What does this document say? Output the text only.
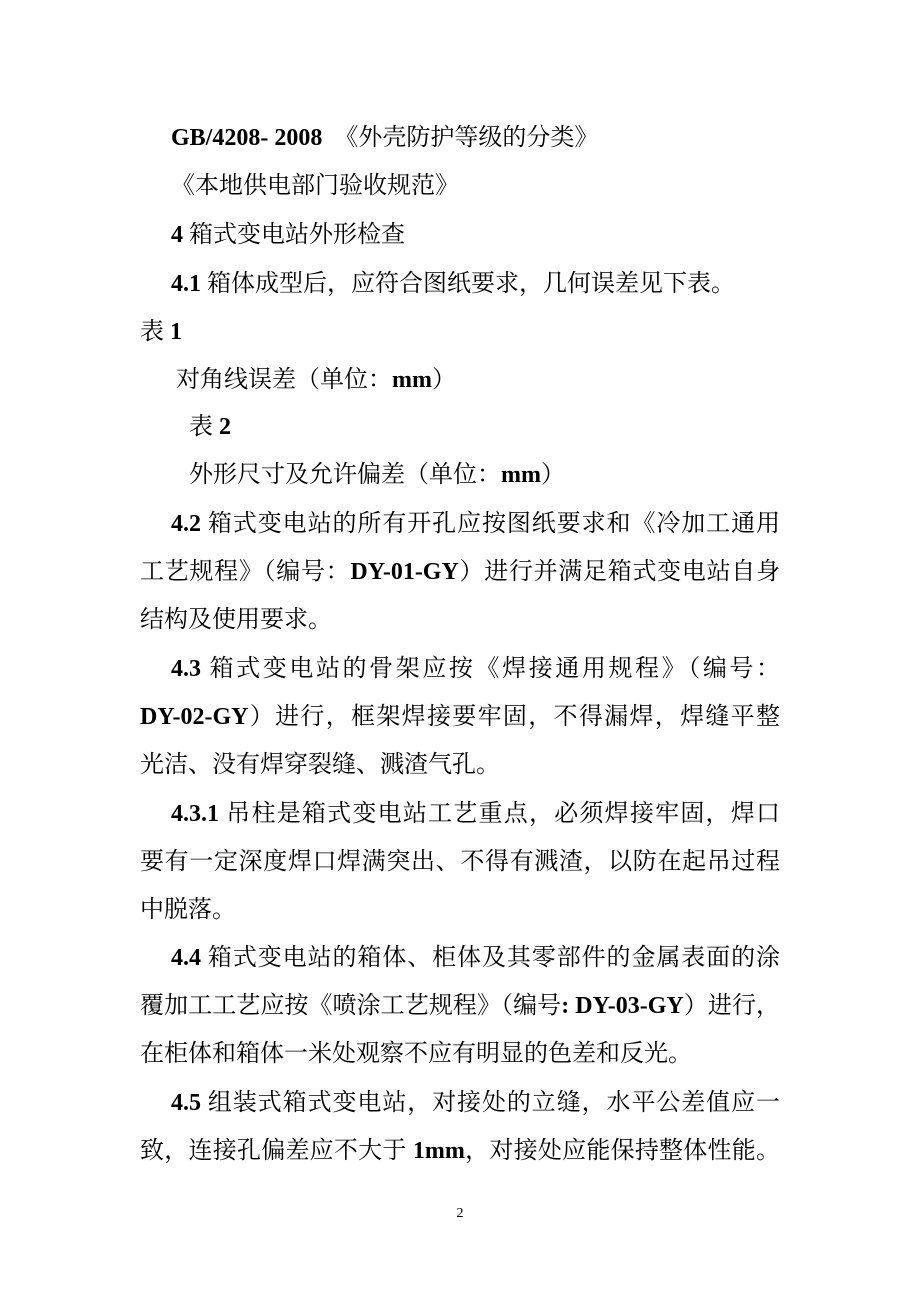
GB/4208- 2008　《外壳防护等级的分类》
《本地供电部门验收规范》
4 箱式变电站外形检查
4.1 箱体成型后，应符合图纸要求，几何误差见下表。
表 1
对角线误差（单位：mm）
表 2
外形尺寸及允许偏差（单位：mm）
4.2 箱式变电站的所有开孔应按图纸要求和《冷加工通用
工艺规程》（编号：DY-01-GY）进行并满足箱式变电站自身
结构及使用要求。
4.3 箱式变电站的骨架应按《焊接通用规程》（编号：
DY-02-GY）进行，框架焊接要牢固，不得漏焊，焊缝平整
光洁、没有焊穿裂缝、溅渣气孔。
4.3.1 吊柱是箱式变电站工艺重点，必须焊接牢固，焊口
要有一定深度焊口焊满突出、不得有溅渣，以防在起吊过程
中脱落。
4.4 箱式变电站的箱体、柜体及其零部件的金属表面的涂
覆加工工艺应按《喷涂工艺规程》（编号: DY-03-GY）进行，
在柜体和箱体一米处观察不应有明显的色差和反光。
4.5 组装式箱式变电站，对接处的立缝，水平公差值应一
致，连接孔偏差应不大于 1mm，对接处应能保持整体性能。
2
